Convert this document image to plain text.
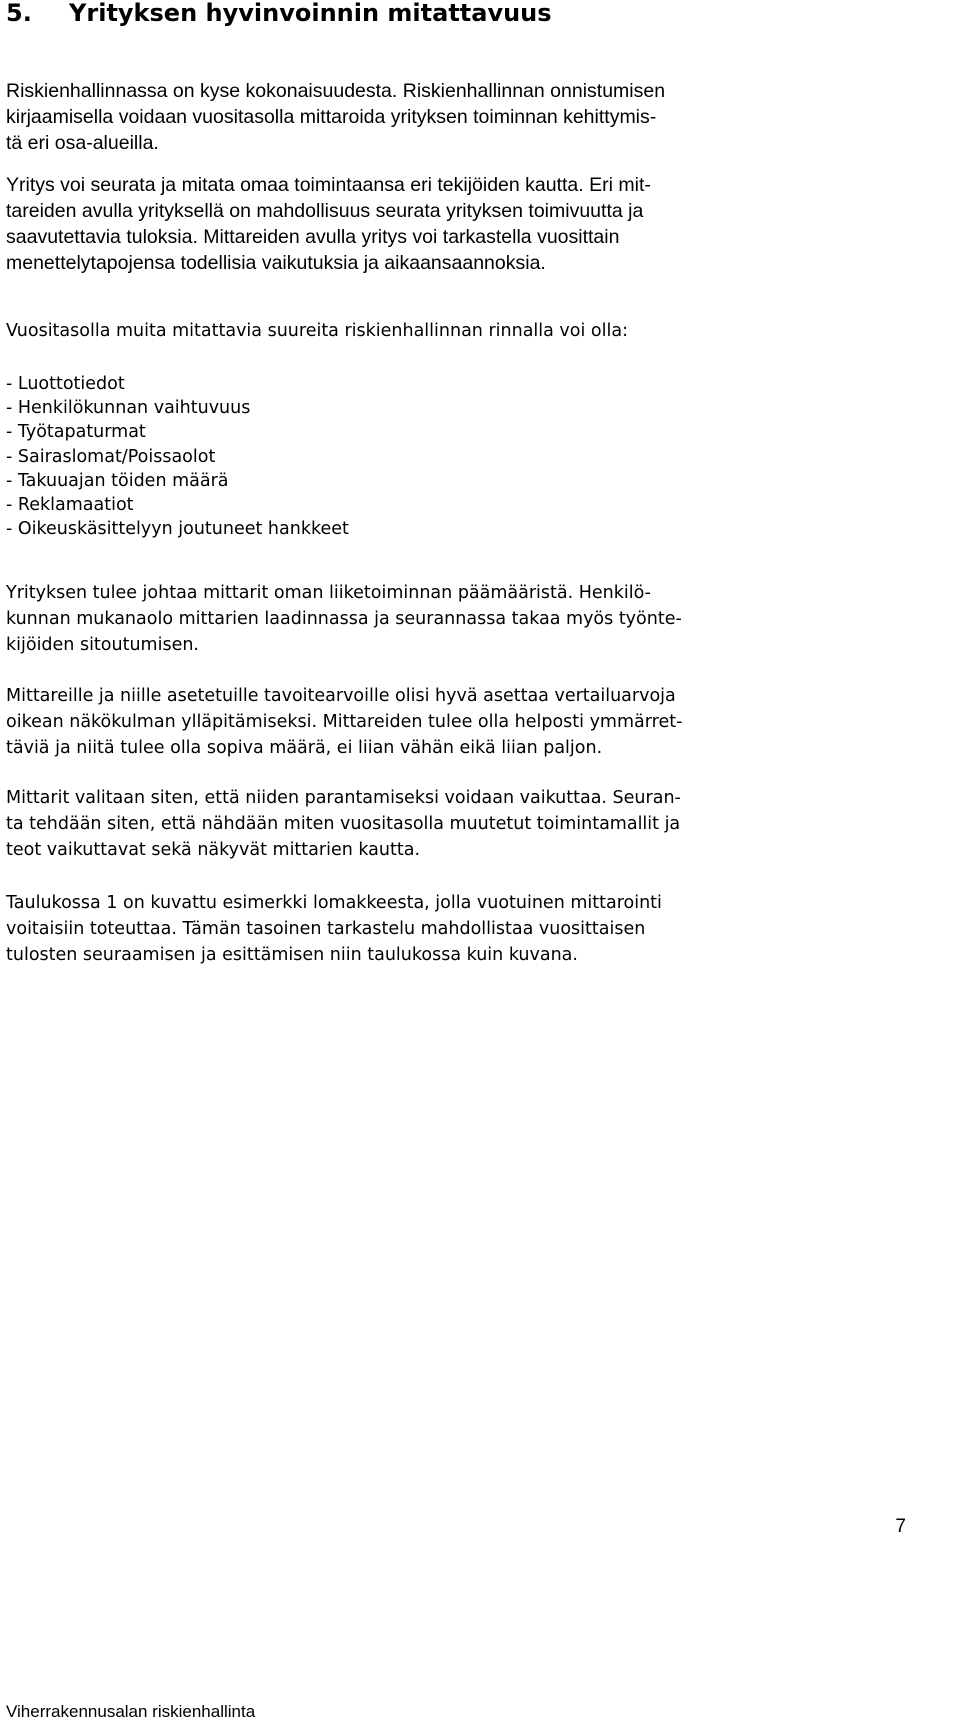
5. Yrityksen hyvinvoinnin mitattavuus

Riskienhallinnassa on kyse kokonaisuudesta. Riskienhallinnan onnistumisen
kirjaamisella voidaan vuositasolla mittaroida yrityksen toiminnan kehittymis-
tä eri osa-alueilla.

Yritys voi seurata ja mitata omaa toimintaansa eri tekijöiden kautta. Eri mit-
tareiden avulla yrityksellä on mahdollisuus seurata yrityksen toimivuutta ja
saavutettavia tuloksia. Mittareiden avulla yritys voi tarkastella vuosittain
menettelytapojensa todellisia vaikutuksia ja aikaansaannoksia.

Vuositasolla muita mitattavia suureita riskienhallinnan rinnalla voi olla:

- Luottotiedot
- Henkilökunnan vaihtuvuus
- Työtapaturmat
- Sairaslomat/Poissaolot
- Takuuajan töiden määrä
- Reklamaatiot
- Oikeuskäsittelyyn joutuneet hankkeet

Yrityksen tulee johtaa mittarit oman liiketoiminnan päämääristä. Henkilö-
kunnan mukanaolo mittarien laadinnassa ja seurannassa takaa myös työnte-
kijöiden sitoutumisen.

Mittareille ja niille asetetuille tavoitearvoille olisi hyvä asettaa vertailuarvoja
oikean näkökulman ylläpitämiseksi. Mittareiden tulee olla helposti ymmärret-
täviä ja niitä tulee olla sopiva määrä, ei liian vähän eikä liian paljon.

Mittarit valitaan siten, että niiden parantamiseksi voidaan vaikuttaa. Seuran-
ta tehdään siten, että nähdään miten vuositasolla muutetut toimintamallit ja
teot vaikuttavat sekä näkyvät mittarien kautta.

Taulukossa 1 on kuvattu esimerkki lomakkeesta, jolla vuotuinen mittarointi
voitaisiin toteuttaa. Tämän tasoinen tarkastelu mahdollistaa vuosittaisen
tulosten seuraamisen ja esittämisen niin taulukossa kuin kuvana.

7
Viherrakennusalan riskienhallinta
